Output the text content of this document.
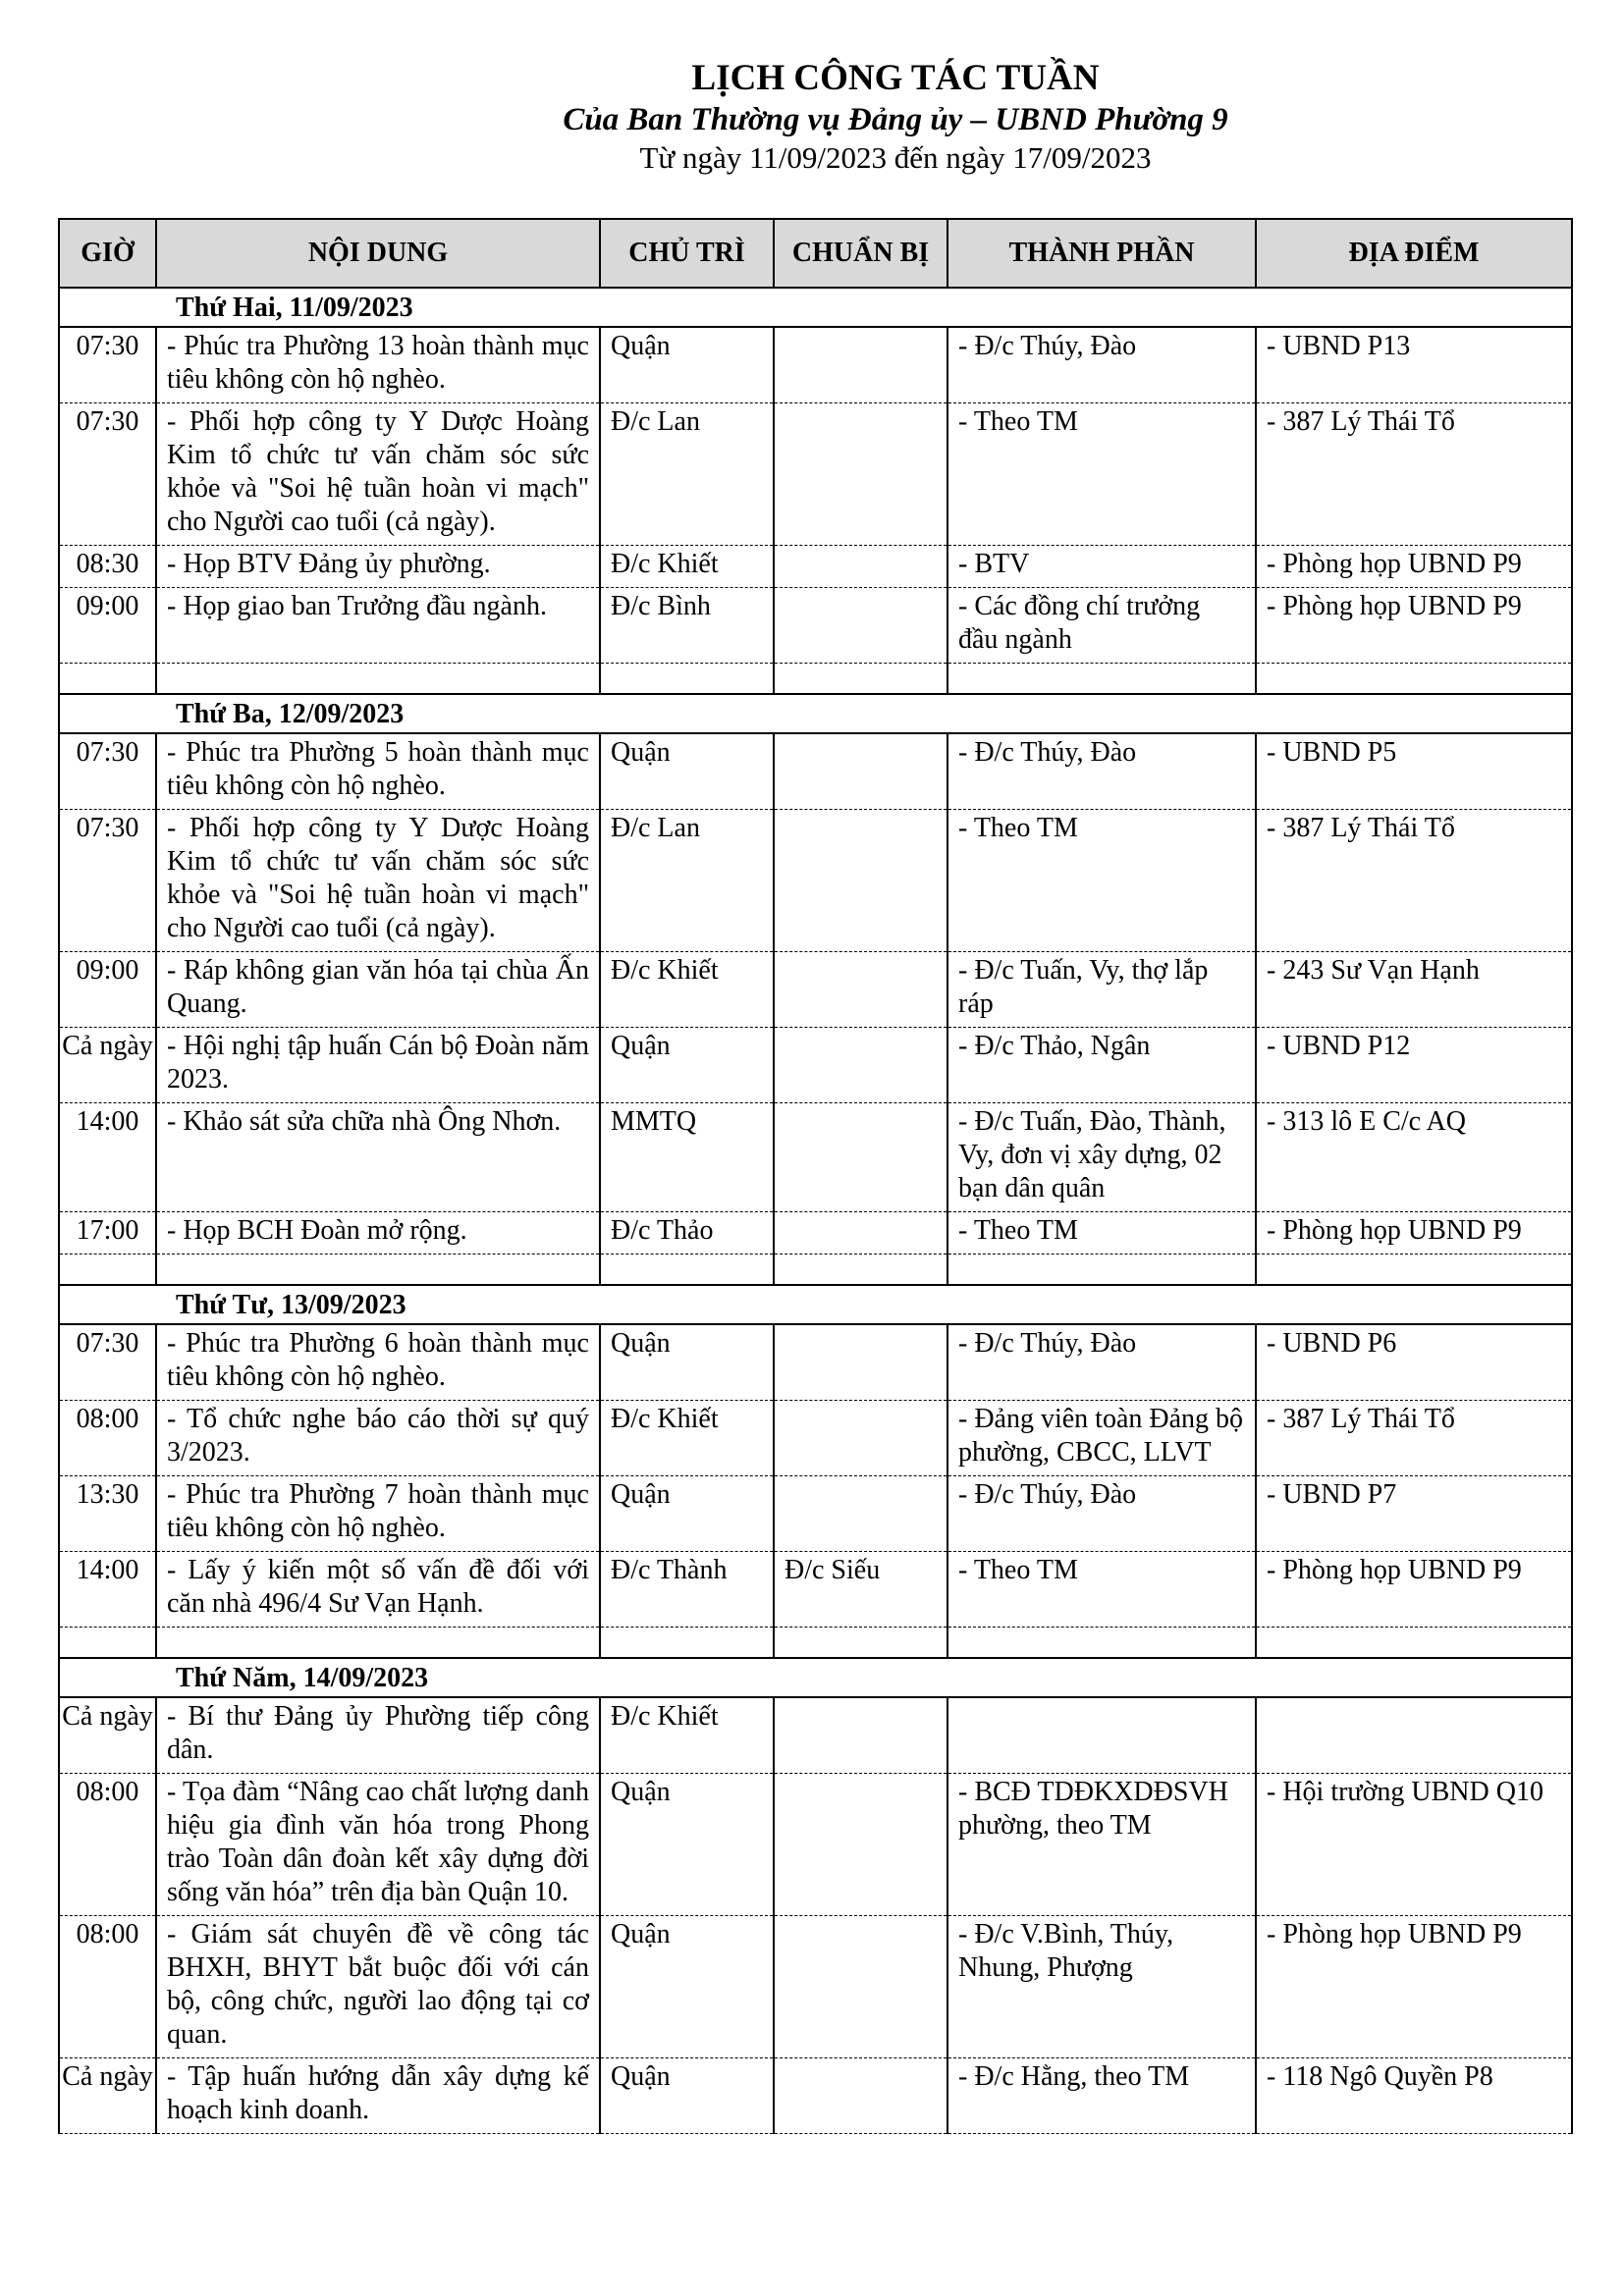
LỊCH CÔNG TÁC TUẦN
Của Ban Thường vụ Đảng ủy – UBND Phường 9
Từ ngày 11/09/2023 đến ngày 17/09/2023
GIỜ	NỘI DUNG	CHỦ TRÌ	CHUẨN BỊ	THÀNH PHẦN	ĐỊA ĐIỂM
Thứ Hai, 11/09/2023					
07:30	- Phúc tra Phường 13 hoàn thành mục tiêu không còn hộ nghèo.	Quận		- Đ/c Thúy, Đào	- UBND P13
07:30	- Phối hợp công ty Y Dược Hoàng Kim tổ chức tư vấn chăm sóc sức khỏe và "Soi hệ tuần hoàn vi mạch" cho Người cao tuổi (cả ngày).	Đ/c Lan		- Theo TM	- 387 Lý Thái Tổ
08:30	- Họp BTV Đảng ủy phường.	Đ/c Khiết		- BTV	- Phòng họp UBND P9
09:00	- Họp giao ban Trưởng đầu ngành.	Đ/c Bình		- Các đồng chí trưởng đầu ngành	- Phòng họp UBND P9

Thứ Ba, 12/09/2023					
07:30	- Phúc tra Phường 5 hoàn thành mục tiêu không còn hộ nghèo.	Quận		- Đ/c Thúy, Đào	- UBND P5
07:30	- Phối hợp công ty Y Dược Hoàng Kim tổ chức tư vấn chăm sóc sức khỏe và "Soi hệ tuần hoàn vi mạch" cho Người cao tuổi (cả ngày).	Đ/c Lan		- Theo TM	- 387 Lý Thái Tổ
09:00	- Ráp không gian văn hóa tại chùa Ấn Quang.	Đ/c Khiết		- Đ/c Tuấn, Vy, thợ lắp ráp	- 243 Sư Vạn Hạnh
Cả ngày	- Hội nghị tập huấn Cán bộ Đoàn năm 2023.	Quận		- Đ/c Thảo, Ngân	- UBND P12
14:00	- Khảo sát sửa chữa nhà Ông Nhơn.	MMTQ		- Đ/c Tuấn, Đào, Thành, Vy, đơn vị xây dựng, 02 bạn dân quân	- 313 lô E C/c AQ
17:00	- Họp BCH Đoàn mở rộng.	Đ/c Thảo		- Theo TM	- Phòng họp UBND P9

Thứ Tư, 13/09/2023					
07:30	- Phúc tra Phường 6 hoàn thành mục tiêu không còn hộ nghèo.	Quận		- Đ/c Thúy, Đào	- UBND P6
08:00	- Tổ chức nghe báo cáo thời sự quý 3/2023.	Đ/c Khiết		- Đảng viên toàn Đảng bộ phường, CBCC, LLVT	- 387 Lý Thái Tổ
13:30	- Phúc tra Phường 7 hoàn thành mục tiêu không còn hộ nghèo.	Quận		- Đ/c Thúy, Đào	- UBND P7
14:00	- Lấy ý kiến một số vấn đề đối với căn nhà 496/4 Sư Vạn Hạnh.	Đ/c Thành	Đ/c Siếu	- Theo TM	- Phòng họp UBND P9

Thứ Năm, 14/09/2023					
Cả ngày	- Bí thư Đảng ủy Phường tiếp công dân.	Đ/c Khiết			
08:00	- Tọa đàm “Nâng cao chất lượng danh hiệu gia đình văn hóa trong Phong trào Toàn dân đoàn kết xây dựng đời sống văn hóa” trên địa bàn Quận 10.	Quận		- BCĐ TDĐKXDĐSVH phường, theo TM	- Hội trường UBND Q10
08:00	- Giám sát chuyên đề về công tác BHXH, BHYT bắt buộc đối với cán bộ, công chức, người lao động tại cơ quan.	Quận		- Đ/c V.Bình, Thúy, Nhung, Phượng	- Phòng họp UBND P9
Cả ngày	- Tập huấn hướng dẫn xây dựng kế hoạch kinh doanh.	Quận		- Đ/c Hằng, theo TM	- 118 Ngô Quyền P8
